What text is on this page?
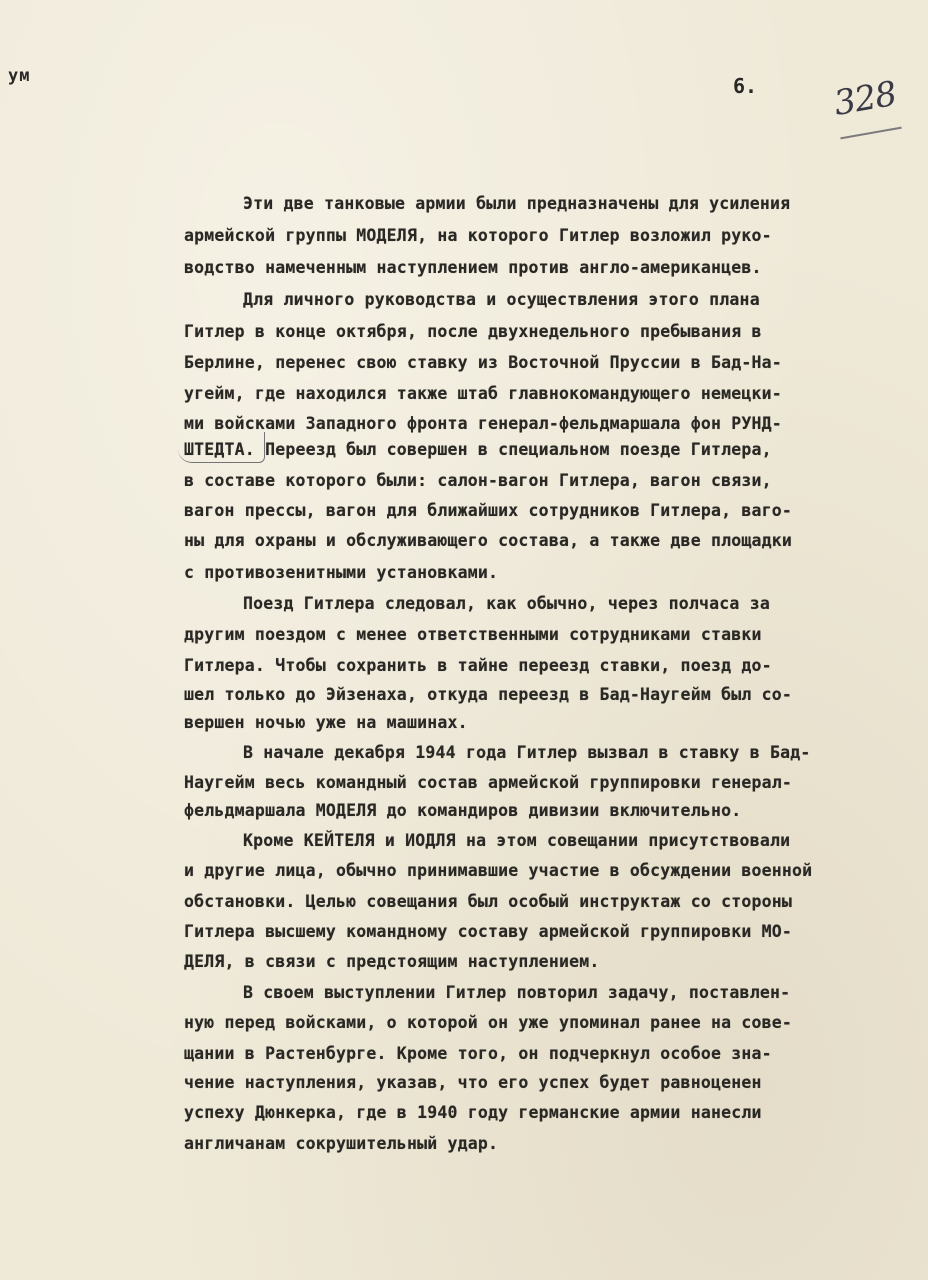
ум	6. 328
Эти две танковые армии были предназначены для усиления
армейской группы МОДЕЛЯ, на которого Гитлер возложил руко-
водство намеченным наступлением против англо-американцев.
Для личного руководства и осуществления этого плана
Гитлер в конце октября, после двухнедельного пребывания в
Берлине, перенес свою ставку из Восточной Пруссии в Бад-На-
угейм, где находился также штаб главнокомандующего немецки-
ми войсками Западного фронта генерал-фельдмаршала фон РУНД-
ШТЕДТА. Переезд был совершен в специальном поезде Гитлера,
в составе которого были: салон-вагон Гитлера, вагон связи,
вагон прессы, вагон для ближайших сотрудников Гитлера, ваго-
ны для охраны и обслуживающего состава, а также две площадки
с противозенитными установками.
Поезд Гитлера следовал, как обычно, через полчаса за
другим поездом с менее ответственными сотрудниками ставки
Гитлера. Чтобы сохранить в тайне переезд ставки, поезд до-
шел только до Эйзенаха, откуда переезд в Бад-Наугейм был со-
вершен ночью уже на машинах.
В начале декабря 1944 года Гитлер вызвал в ставку в Бад-
Наугейм весь командный состав армейской группировки генерал-
фельдмаршала МОДЕЛЯ до командиров дивизии включительно.
Кроме КЕЙТЕЛЯ и ИОДЛЯ на этом совещании присутствовали
и другие лица, обычно принимавшие участие в обсуждении военной
обстановки. Целью совещания был особый инструктаж со стороны
Гитлера высшему командному составу армейской группировки МО-
ДЕЛЯ, в связи с предстоящим наступлением.
В своем выступлении Гитлер повторил задачу, поставлен-
ную перед войсками, о которой он уже упоминал ранее на сове-
щании в Растенбурге. Кроме того, он подчеркнул особое зна-
чение наступления, указав, что его успех будет равноценен
успеху Дюнкерка, где в 1940 году германские армии нанесли
англичанам сокрушительный удар.
